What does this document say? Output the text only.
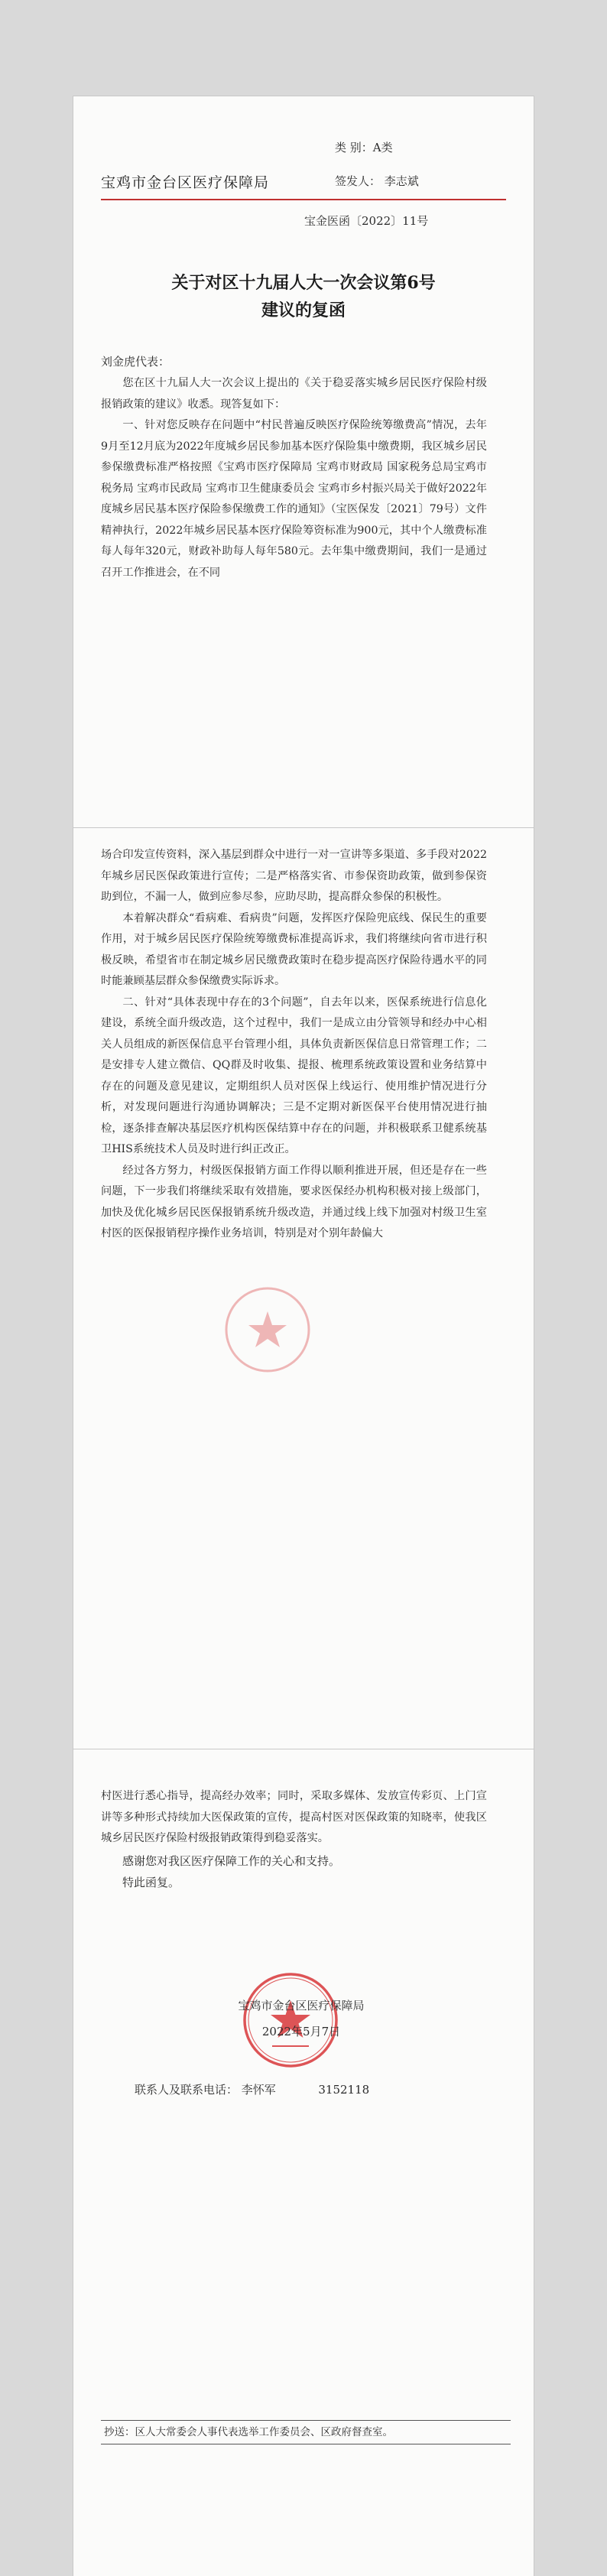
类 别：A类
宝鸡市金台区医疗保障局	签发人： 李志斌
宝金医函〔2022〕11号
关于对区十九届人大一次会议第6号
建议的复函
刘金虎代表：
您在区十九届人大一次会议上提出的《关于稳妥落实城乡居民医疗保险村级报销政策的建议》收悉。现答复如下：
一、针对您反映存在问题中“村民普遍反映医疗保险统筹缴费高”情况，去年9月至12月底为2022年度城乡居民参加基本医疗保险集中缴费期，我区城乡居民参保缴费标准严格按照《宝鸡市医疗保障局 宝鸡市财政局 国家税务总局宝鸡市税务局 宝鸡市民政局 宝鸡市卫生健康委员会 宝鸡市乡村振兴局关于做好2022年度城乡居民基本医疗保险参保缴费工作的通知》（宝医保发〔2021〕79号）文件精神执行，2022年城乡居民基本医疗保险筹资标准为900元，其中个人缴费标准每人每年320元，财政补助每人每年580元。去年集中缴费期间，我们一是通过召开工作推进会，在不同
场合印发宣传资料，深入基层到群众中进行一对一宣讲等多渠道、多手段对2022年城乡居民医保政策进行宣传；二是严格落实省、市参保资助政策，做到参保资助到位，不漏一人，做到应参尽参，应助尽助，提高群众参保的积极性。
本着解决群众“看病难、看病贵”问题，发挥医疗保险兜底线、保民生的重要作用，对于城乡居民医疗保险统筹缴费标准提高诉求，我们将继续向省市进行积极反映，希望省市在制定城乡居民缴费政策时在稳步提高医疗保险待遇水平的同时能兼顾基层群众参保缴费实际诉求。
二、针对“具体表现中存在的3个问题”，自去年以来，医保系统进行信息化建设，系统全面升级改造，这个过程中，我们一是成立由分管领导和经办中心相关人员组成的新医保信息平台管理小组，具体负责新医保信息日常管理工作；二是安排专人建立微信、QQ群及时收集、提报、梳理系统政策设置和业务结算中存在的问题及意见建议，定期组织人员对医保上线运行、使用维护情况进行分析，对发现问题进行沟通协调解决；三是不定期对新医保平台使用情况进行抽检，逐条排查解决基层医疗机构医保结算中存在的问题，并积极联系卫健系统基卫HIS系统技术人员及时进行纠正改正。
经过各方努力，村级医保报销方面工作得以顺利推进开展，但还是存在一些问题，下一步我们将继续采取有效措施，要求医保经办机构积极对接上级部门，加快及优化城乡居民医保报销系统升级改造，并通过线上线下加强对村级卫生室村医的医保报销程序操作业务培训，特别是对个别年龄偏大
村医进行悉心指导，提高经办效率；同时，采取多媒体、发放宣传彩页、上门宣讲等多种形式持续加大医保政策的宣传，提高村医对医保政策的知晓率，使我区城乡居民医疗保险村级报销政策得到稳妥落实。
感谢您对我区医疗保障工作的关心和支持。
特此函复。
宝鸡市金台区医疗保障局
2022年5月7日
联系人及联系电话： 李怀军	3152118
抄送：区人大常委会人事代表选举工作委员会、区政府督查室。
